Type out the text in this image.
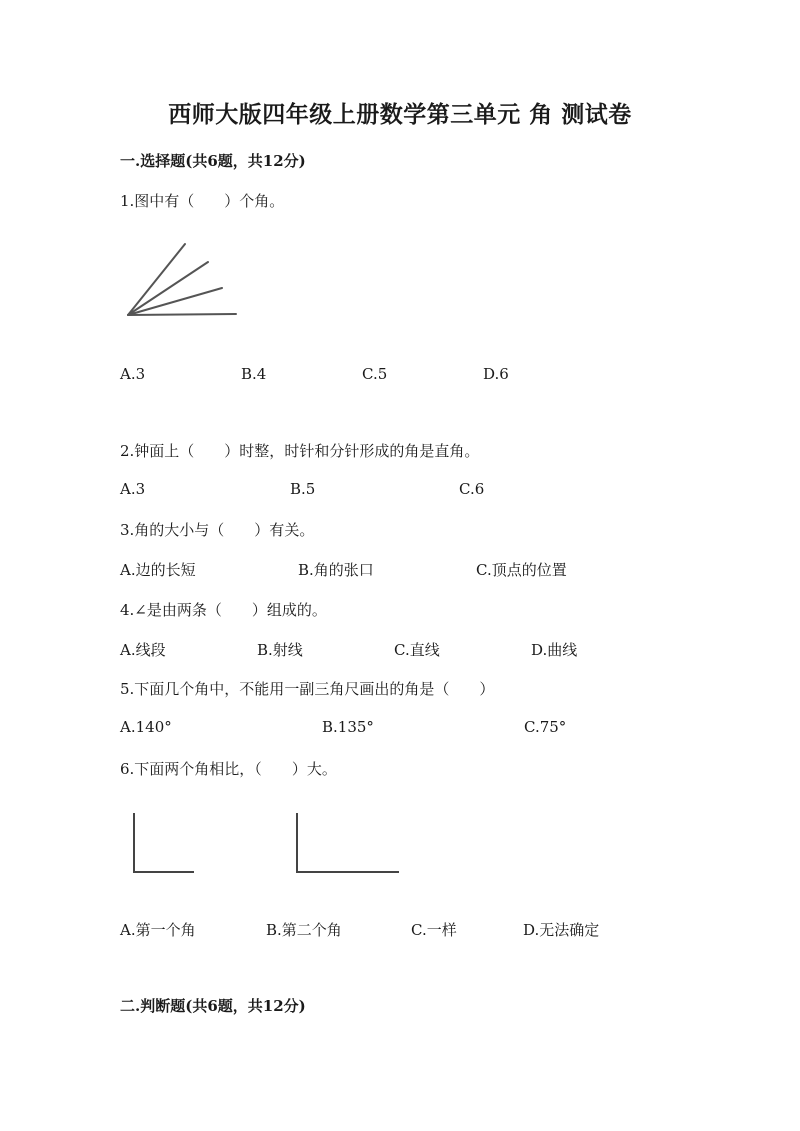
西师大版四年级上册数学第三单元 角 测试卷
一.选择题(共6题，共12分)
1.图中有（　　）个角。
A.3	B.4	C.5	D.6
2.钟面上（　　）时整，时针和分针形成的角是直角。
A.3	B.5	C.6
3.角的大小与（　　）有关。
A.边的长短	B.角的张口	C.顶点的位置
4.∠是由两条（　　）组成的。
A.线段	B.射线	C.直线	D.曲线
5.下面几个角中，不能用一副三角尺画出的角是（　　）
A.140°	B.135°	C.75°
6.下面两个角相比，（　　）大。
A.第一个角	B.第二个角	C.一样	D.无法确定
二.判断题(共6题，共12分)
